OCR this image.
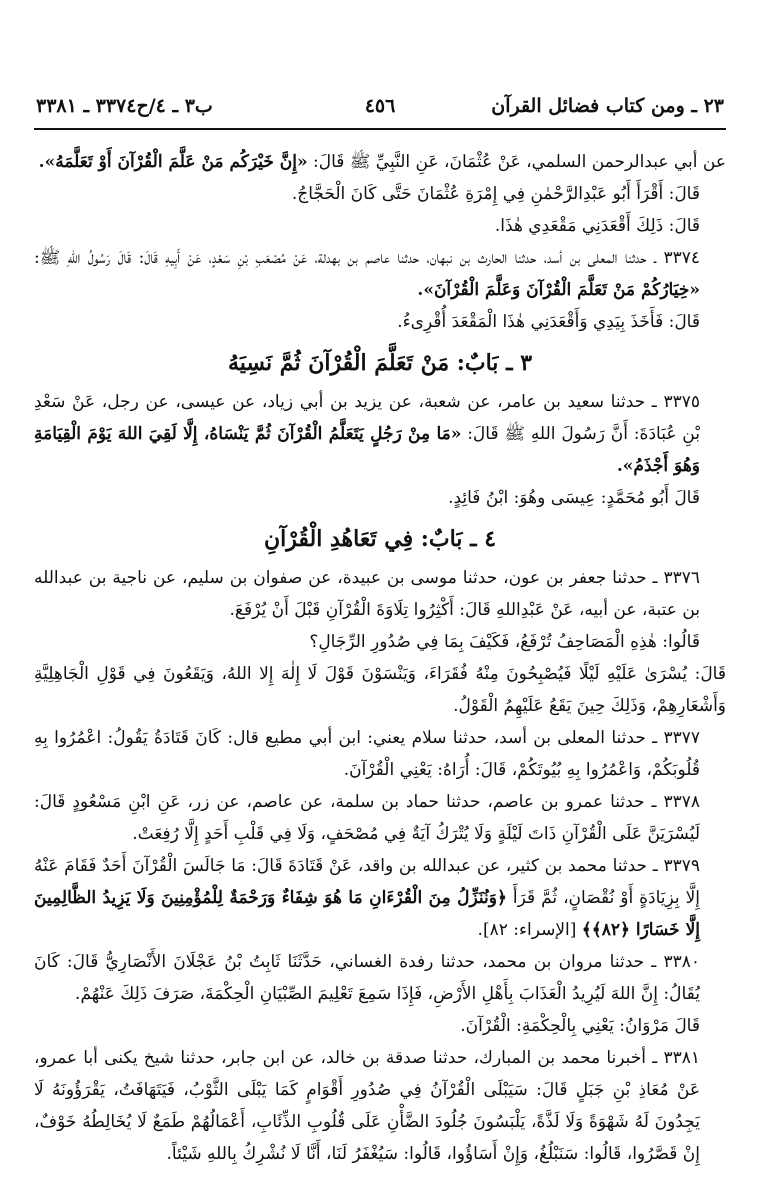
٢٣ ـ ومن كتاب فضائل القرآن
٤٥٦
ب٣ ـ ٤/ح٣٣٧٤ ـ ٣٣٨١

عن أبي عبدالرحمن السلمي، عَنْ عُثْمَانَ، عَنِ النَّبِيِّ ﷺ قَالَ: «إِنَّ خَيْرَكُم مَنْ عَلَّمَ الْقُرْآنَ أَوْ تَعَلَّمَهُ».

قَالَ: أَقْرَأَ أَبُو عَبْدِالرَّحْمٰنِ فِي إِمْرَةِ عُثْمَانَ حَتَّى كَانَ الْحَجَّاجُ.

قَالَ: ذَلِكَ أَقْعَدَنِي مَقْعَدِي هٰذَا.

٣٣٧٤ ـ حدثنا المعلى بن أسد، حدثنا الحارث بن نبهان، حدثنا عاصم بن بهدلة، عَنْ مُصْعَبِ بْنِ سَعْدٍ، عَنْ أَبِيهِ قَالَ: قَالَ رَسُولُ اللهِ ﷺ: «خِيَارُكُمْ مَنْ تَعَلَّمَ الْقُرْآنَ وَعَلَّمَ الْقُرْآنَ».

قَالَ: فَأَخَذَ بِيَدِي وَأَقْعَدَنِي هٰذَا الْمَقْعَدَ أُقْرِىءُ.

٣ ـ بَابٌ: مَنْ تَعَلَّمَ الْقُرْآنَ ثُمَّ نَسِيَهُ

٣٣٧٥ ـ حدثنا سعيد بن عامر، عن شعبة، عن يزيد بن أبي زياد، عن عيسى، عن رجل، عَنْ سَعْدِ بْنِ عُبَادَةَ: أَنَّ رَسُولَ اللهِ ﷺ قَالَ: «مَا مِنْ رَجُلٍ يَتَعَلَّمُ الْقُرْآنَ ثُمَّ يَنْسَاهُ، إِلَّا لَقِيَ اللهَ يَوْمَ الْقِيَامَةِ وَهُوَ أَجْذَمُ».

قَالَ أَبُو مُحَمَّدٍ: عِيسَى وهُوَ: ابْنُ فَائِدٍ.

٤ ـ بَابٌ: فِي تَعَاهُدِ الْقُرْآنِ

٣٣٧٦ ـ حدثنا جعفر بن عون، حدثنا موسى بن عبيدة، عن صفوان بن سليم، عن ناجية بن عبدالله بن عتبة، عن أبيه، عَنْ عَبْدِاللهِ قَالَ: أَكْثِرُوا تِلَاوَةَ الْقُرْآنِ قَبْلَ أَنْ يُرْفَعَ.

قَالُوا: هٰذِهِ الْمَصَاحِفُ تُرْفَعُ، فَكَيْفَ بِمَا فِي صُدُورِ الرِّجَالِ؟

قَالَ: يُسْرَىٰ عَلَيْهِ لَيْلًا فَيُصْبِحُونَ مِنْهُ فُقَرَاءَ، وَيَنْسَوْنَ قَوْلَ لَا إِلٰهَ إِلا اللهُ، وَيَقَعُونَ فِي قَوْلِ الْجَاهِلِيَّةِ وَأَشْعَارِهِمْ، وَذَلِكَ حِينَ يَقَعُ عَلَيْهِمُ الْقَوْلُ.

٣٣٧٧ ـ حدثنا المعلى بن أسد، حدثنا سلام يعني: ابن أبي مطيع قال: كَانَ قَتَادَةُ يَقُولُ: اعْمُرُوا بِهِ قُلُوبَكُمْ، وَاعْمُرُوا بِهِ بُيُوتَكُمْ، قَالَ: أُرَاهُ: يَعْنِي الْقُرْآنَ.

٣٣٧٨ ـ حدثنا عمرو بن عاصم، حدثنا حماد بن سلمة، عن عاصم، عن زر، عَنِ ابْنِ مَسْعُودٍ قَالَ: لَيُسْرَيَنَّ عَلَى الْقُرْآنِ ذَاتَ لَيْلَةٍ وَلَا يُتْرَكُ آيَةٌ فِي مُصْحَفٍ، وَلَا فِي قَلْبِ أَحَدٍ إِلَّا رُفِعَتْ.

٣٣٧٩ ـ حدثنا محمد بن كثير، عن عبدالله بن واقد، عَنْ قَتَادَةَ قَالَ: مَا جَالَسَ الْقُرْآنَ أَحَدٌ فَقَامَ عَنْهُ إِلَّا بِزِيَادَةٍ أَوْ نُقْصَانٍ، ثُمَّ قَرَأَ ﴿وَنُنَزِّلُ مِنَ الْقُرْءَانِ مَا هُوَ شِفَاءٌ وَرَحْمَةٌ لِلْمُؤْمِنِينَ وَلَا يَزِيدُ الظَّالِمِينَ إِلَّا خَسَارًا ﴿٨٢﴾﴾ [الإسراء: ٨٢].

٣٣٨٠ ـ حدثنا مروان بن محمد، حدثنا رفدة الغساني، حَدَّثَنَا ثَابِتُ بْنُ عَجْلَانَ الأَنْصَارِيُّ قَالَ: كَانَ يُقَالُ: إِنَّ اللهَ لَيُرِيدُ الْعَذَابَ بِأَهْلِ الأَرْضِ، فَإِذَا سَمِعَ تَعْلِيمَ الصِّبْيَانِ الْحِكْمَةَ، صَرَفَ ذَلِكَ عَنْهُمْ.

قَالَ مَرْوَانُ: يَعْنِي بِالْحِكْمَةِ: الْقُرْآنَ.

٣٣٨١ ـ أخبرنا محمد بن المبارك، حدثنا صدقة بن خالد، عن ابن جابر، حدثنا شيخ يكنى أبا عمرو، عَنْ مُعَاذِ بْنِ جَبَلٍ قَالَ: سَيَبْلَى الْقُرْآنُ فِي صُدُورِ أَقْوَامٍ كَمَا يَبْلَى الثَّوْبُ، فَيَتَهَافَتُ، يَقْرَؤُونَهُ لَا يَجِدُونَ لَهُ شَهْوَةً وَلَا لَذَّةً، يَلْبَسُونَ جُلُودَ الضَّأْنِ عَلَى قُلُوبِ الذِّئَابِ، أَعْمَالُهُمْ طَمَعٌ لَا يُخَالِطُهُ خَوْفٌ، إِنْ قَصَّرُوا، قَالُوا: سَنَبْلُغُ، وَإِنْ أَسَاؤُوا، قَالُوا: سَيُغْفَرُ لَنَا، أَنَّا لَا نُشْرِكُ بِاللهِ شَيْئاً.
